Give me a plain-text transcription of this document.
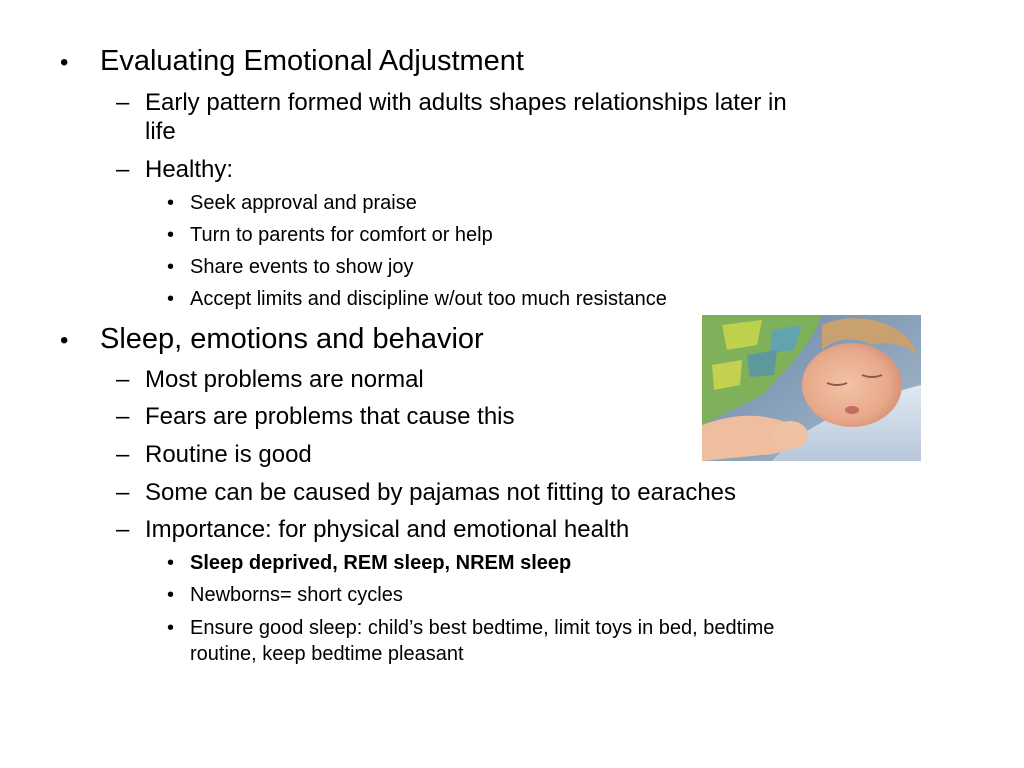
• Evaluating Emotional Adjustment
– Early pattern formed with adults shapes relationships later in
life
– Healthy:
• Seek approval and praise
• Turn to parents for comfort or help
• Share events to show joy
• Accept limits and discipline w/out too much resistance
• Sleep, emotions and behavior
– Most problems are normal
– Fears are problems that cause this
– Routine is good
– Some can be caused by pajamas not fitting to earaches
– Importance: for physical and emotional health
• Sleep deprived, REM sleep, NREM sleep
• Newborns= short cycles
• Ensure good sleep: child’s best bedtime, limit toys in bed, bedtime
routine, keep bedtime pleasant
